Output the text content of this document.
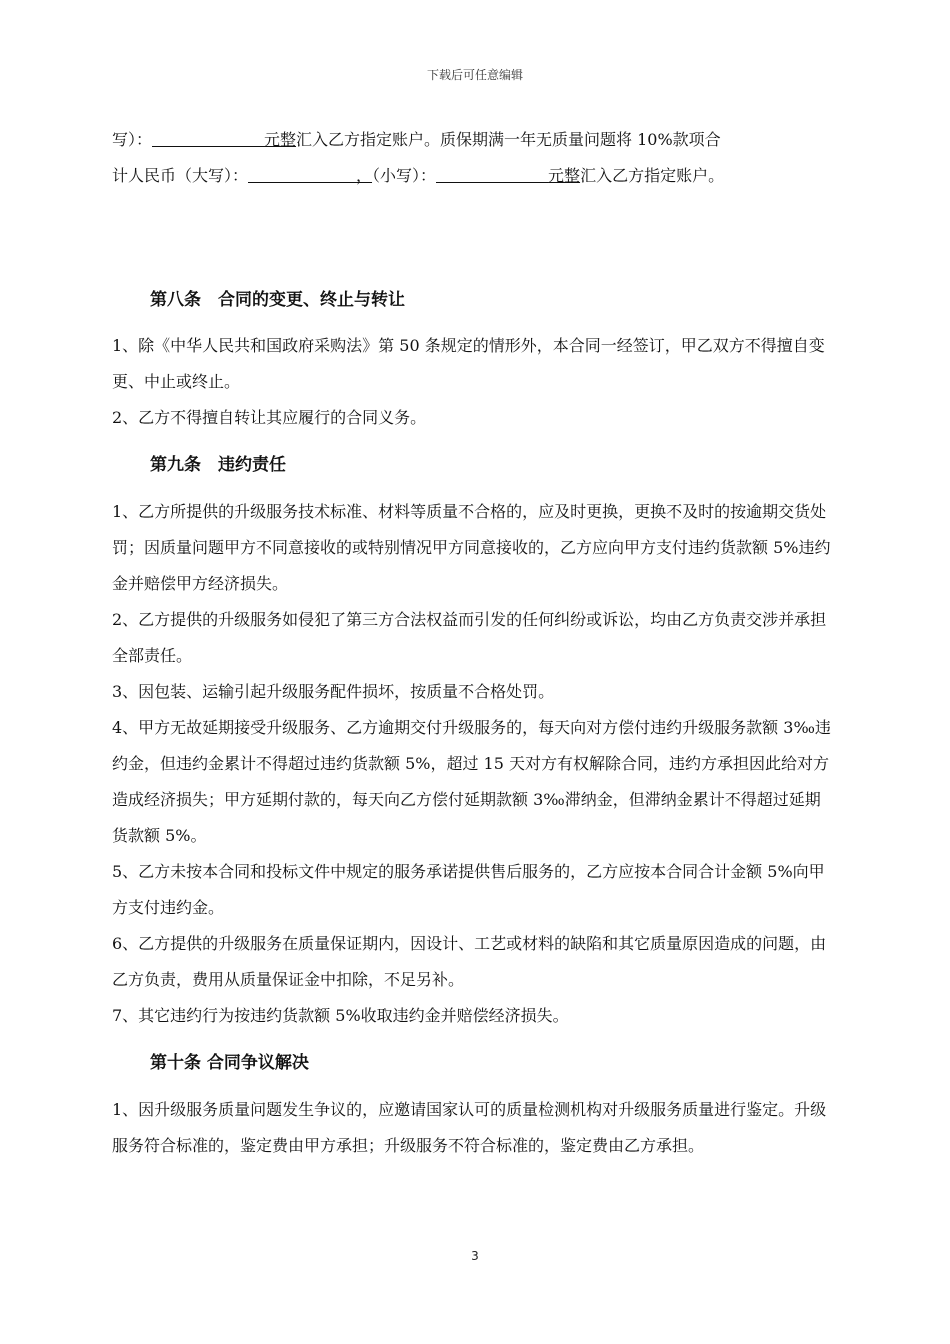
下载后可任意编辑

写）：	元整汇入乙方指定账户。质保期满一年无质量问题将 10%款项合

计人民币（大写）：	，（小写）：	元整汇入乙方指定账户。

第八条　合同的变更、终止与转让

1、除《中华人民共和国政府采购法》第 50 条规定的情形外，本合同一经签订，甲乙双方不得擅自变更、中止或终止。

2、乙方不得擅自转让其应履行的合同义务。

第九条　违约责任

1、乙方所提供的升级服务技术标准、材料等质量不合格的，应及时更换，更换不及时的按逾期交货处罚；因质量问题甲方不同意接收的或特别情况甲方同意接收的，乙方应向甲方支付违约货款额 5%违约金并赔偿甲方经济损失。

2、乙方提供的升级服务如侵犯了第三方合法权益而引发的任何纠纷或诉讼，均由乙方负责交涉并承担全部责任。

3、因包装、运输引起升级服务配件损坏，按质量不合格处罚。

4、甲方无故延期接受升级服务、乙方逾期交付升级服务的，每天向对方偿付违约升级服务款额 3‰违约金，但违约金累计不得超过违约货款额 5%，超过 15 天对方有权解除合同，违约方承担因此给对方造成经济损失；甲方延期付款的，每天向乙方偿付延期款额 3‰滞纳金，但滞纳金累计不得超过延期货款额 5%。

5、乙方未按本合同和投标文件中规定的服务承诺提供售后服务的，乙方应按本合同合计金额 5%向甲方支付违约金。

6、乙方提供的升级服务在质量保证期内，因设计、工艺或材料的缺陷和其它质量原因造成的问题，由乙方负责，费用从质量保证金中扣除，不足另补。

7、其它违约行为按违约货款额 5%收取违约金并赔偿经济损失。

第十条 合同争议解决

1、因升级服务质量问题发生争议的，应邀请国家认可的质量检测机构对升级服务质量进行鉴定。升级服务符合标准的，鉴定费由甲方承担；升级服务不符合标准的，鉴定费由乙方承担。

3
